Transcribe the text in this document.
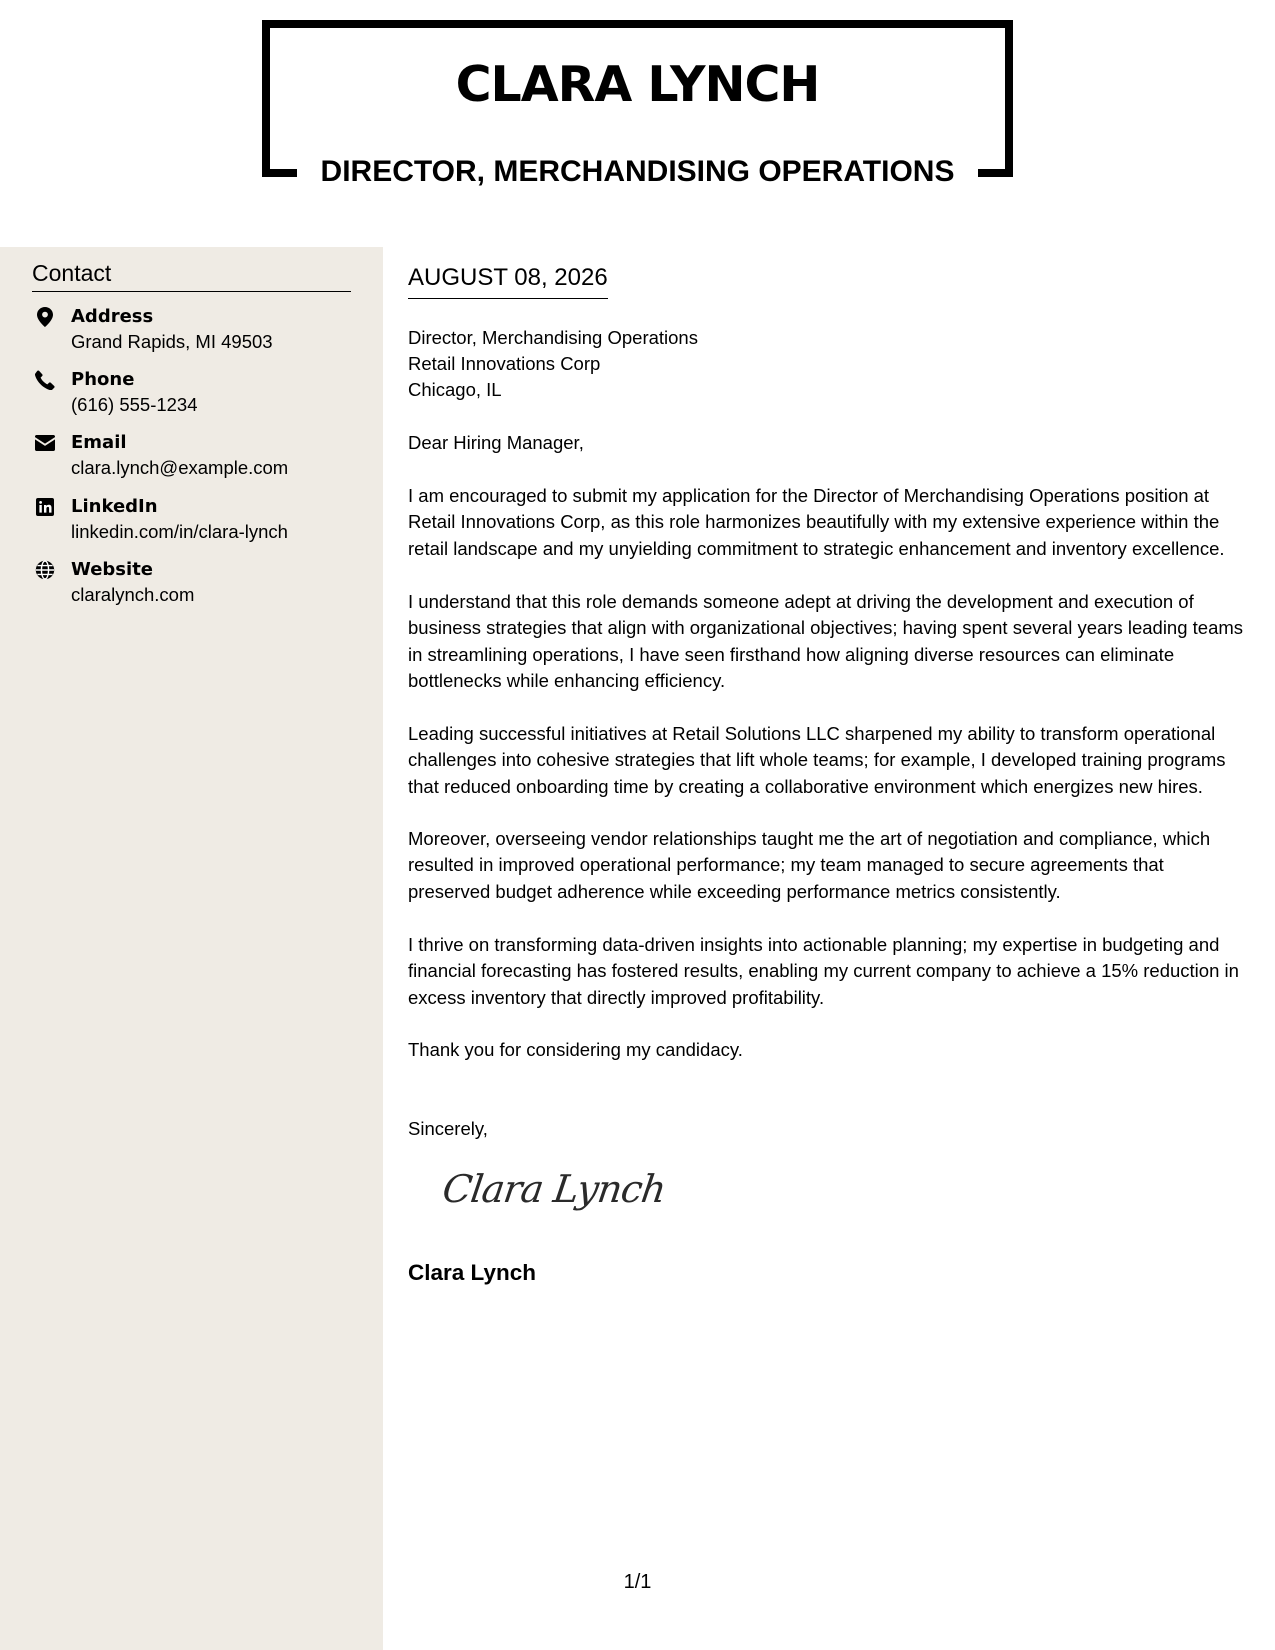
CLARA LYNCH
DIRECTOR, MERCHANDISING OPERATIONS
Contact
Address
Grand Rapids, MI 49503
Phone
(616) 555-1234
Email
clara.lynch@example.com
LinkedIn
linkedin.com/in/clara-lynch
Website
claralynch.com
AUGUST 08, 2026
Director, Merchandising Operations
Retail Innovations Corp
Chicago, IL

Dear Hiring Manager,

I am encouraged to submit my application for the Director of Merchandising Operations position at Retail Innovations Corp, as this role harmonizes beautifully with my extensive experience within the retail landscape and my unyielding commitment to strategic enhancement and inventory excellence.

I understand that this role demands someone adept at driving the development and execution of business strategies that align with organizational objectives; having spent several years leading teams in streamlining operations, I have seen firsthand how aligning diverse resources can eliminate bottlenecks while enhancing efficiency.

Leading successful initiatives at Retail Solutions LLC sharpened my ability to transform operational challenges into cohesive strategies that lift whole teams; for example, I developed training programs that reduced onboarding time by creating a collaborative environment which energizes new hires.

Moreover, overseeing vendor relationships taught me the art of negotiation and compliance, which resulted in improved operational performance; my team managed to secure agreements that preserved budget adherence while exceeding performance metrics consistently.

I thrive on transforming data-driven insights into actionable planning; my expertise in budgeting and financial forecasting has fostered results, enabling my current company to achieve a 15% reduction in excess inventory that directly improved profitability.

Thank you for considering my candidacy.

Sincerely,

Clara Lynch
Clara Lynch
1/1
